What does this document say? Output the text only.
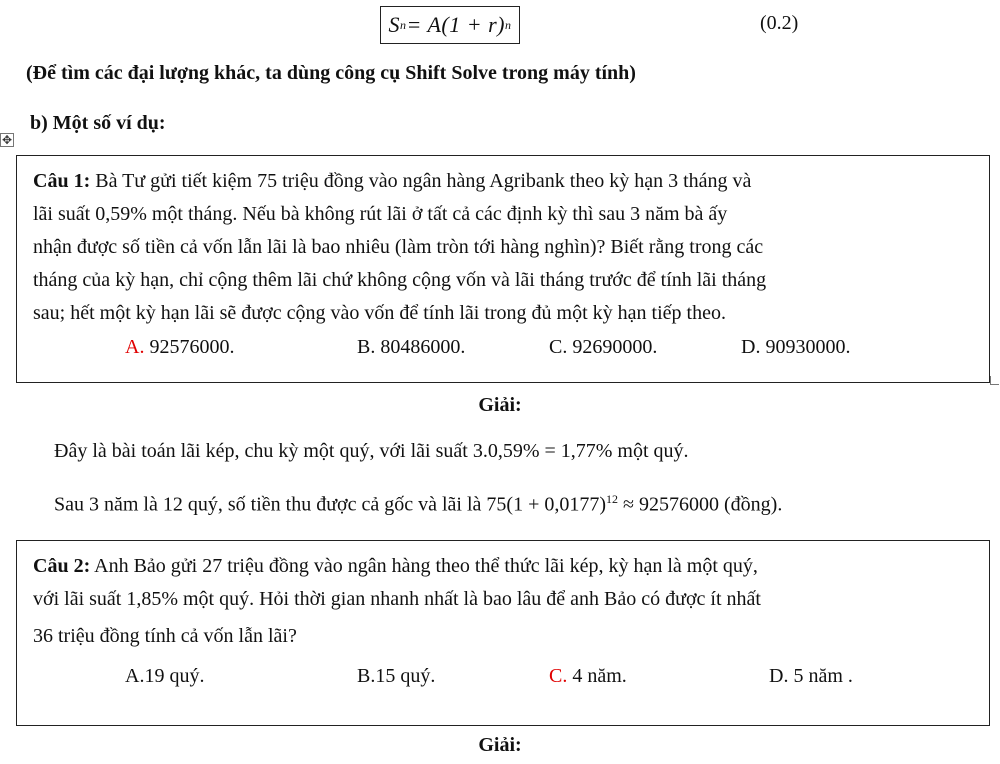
S n = A(1 + r) n	(0.2)
(Để tìm các đại lượng khác, ta dùng công cụ Shift Solve trong máy tính)
b) Một số ví dụ:
✥
Câu 1: Bà Tư gửi tiết kiệm 75 triệu đồng vào ngân hàng Agribank theo kỳ hạn 3 tháng và
lãi suất 0,59% một tháng. Nếu bà không rút lãi ở tất cả các định kỳ thì sau 3 năm bà ấy
nhận được số tiền cả vốn lẫn lãi là bao nhiêu (làm tròn tới hàng nghìn)? Biết rằng trong các
tháng của kỳ hạn, chỉ cộng thêm lãi chứ không cộng vốn và lãi tháng trước để tính lãi tháng
sau; hết một kỳ hạn lãi sẽ được cộng vào vốn để tính lãi trong đủ một kỳ hạn tiếp theo.
A. 92576000.	B. 80486000.	C. 92690000.	D. 90930000.
Giải:
Đây là bài toán lãi kép, chu kỳ một quý, với lãi suất 3.0,59% = 1,77% một quý.
Sau 3 năm là 12 quý, số tiền thu được cả gốc và lãi là $75(1 + 0,0177)^{12} \approx 92576000$ (đồng).
Câu 2: Anh Bảo gửi 27 triệu đồng vào ngân hàng theo thể thức lãi kép, kỳ hạn là một quý,
với lãi suất 1,85% một quý. Hỏi thời gian nhanh nhất là bao lâu để anh Bảo có được ít nhất
36 triệu đồng tính cả vốn lẫn lãi?
A.19 quý.	B.15 quý.	C. 4 năm.	D. 5 năm .
Giải:
